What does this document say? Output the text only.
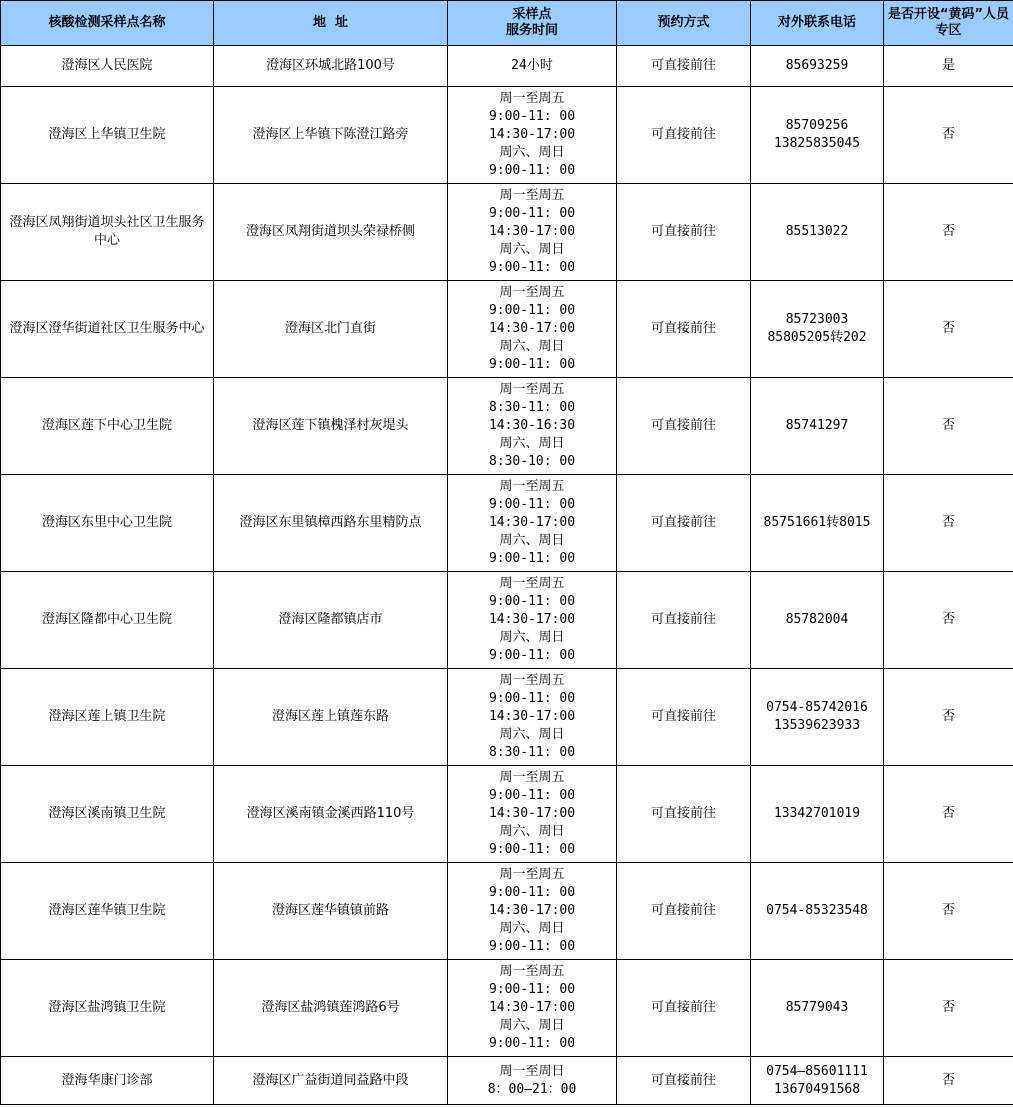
核酸检测采样点名称	地  址	采样点
服务时间	预约方式	对外联系电话	是否开设“黄码”人员专区
澄海区人民医院	澄海区环城北路100号	24小时	可直接前往	85693259	是
澄海区上华镇卫生院	澄海区上华镇下陈澄江路旁	周一至周五
9:00-11: 00
14:30-17:00
周六、周日
9:00-11: 00	可直接前往	85709256
13825835045	否
澄海区凤翔街道坝头社区卫生服务中心	澄海区凤翔街道坝头荣禄桥侧	周一至周五
9:00-11: 00
14:30-17:00
周六、周日
9:00-11: 00	可直接前往	85513022	否
澄海区澄华街道社区卫生服务中心	澄海区北门直街	周一至周五
9:00-11: 00
14:30-17:00
周六、周日
9:00-11: 00	可直接前往	85723003
85805205转202	否
澄海区莲下中心卫生院	澄海区莲下镇槐泽村灰堤头	周一至周五
8:30-11: 00
14:30-16:30
周六、周日
8:30-10: 00	可直接前往	85741297	否
澄海区东里中心卫生院	澄海区东里镇樟西路东里精防点	周一至周五
9:00-11: 00
14:30-17:00
周六、周日
9:00-11: 00	可直接前往	85751661转8015	否
澄海区隆都中心卫生院	澄海区隆都镇店市	周一至周五
9:00-11: 00
14:30-17:00
周六、周日
9:00-11: 00	可直接前往	85782004	否
澄海区莲上镇卫生院	澄海区莲上镇莲东路	周一至周五
9:00-11: 00
14:30-17:00
周六、周日
8:30-11: 00	可直接前往	0754-85742016
13539623933	否
澄海区溪南镇卫生院	澄海区溪南镇金溪西路110号	周一至周五
9:00-11: 00
14:30-17:00
周六、周日
9:00-11: 00	可直接前往	13342701019	否
澄海区莲华镇卫生院	澄海区莲华镇镇前路	周一至周五
9:00-11: 00
14:30-17:00
周六、周日
9:00-11: 00	可直接前往	0754-85323548	否
澄海区盐鸿镇卫生院	澄海区盐鸿镇莲鸿路6号	周一至周五
9:00-11: 00
14:30-17:00
周六、周日
9:00-11: 00	可直接前往	85779043	否
澄海华康门诊部	澄海区广益街道同益路中段	周一至周日
8：00—21：00	可直接前往	0754—85601111
13670491568	否
